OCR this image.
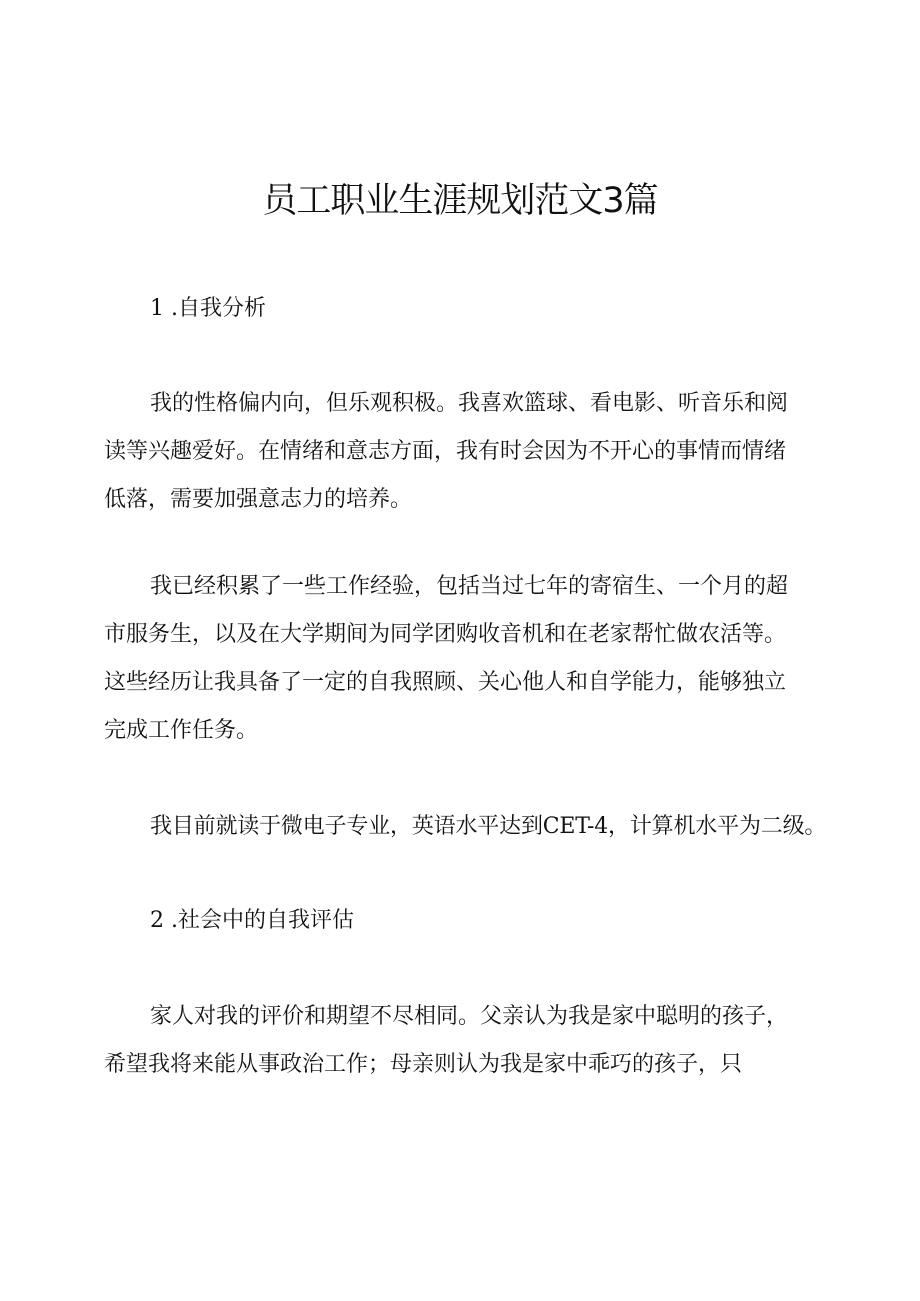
员工职业生涯规划范文3篇
1 .自我分析
我的性格偏内向，但乐观积极。我喜欢篮球、看电影、听音乐和阅
读等兴趣爱好。在情绪和意志方面，我有时会因为不开心的事情而情绪
低落，需要加强意志力的培养。
我已经积累了一些工作经验，包括当过七年的寄宿生、一个月的超
市服务生，以及在大学期间为同学团购收音机和在老家帮忙做农活等。
这些经历让我具备了一定的自我照顾、关心他人和自学能力，能够独立
完成工作任务。
我目前就读于微电子专业，英语水平达到CET-4，计算机水平为二级。
2 .社会中的自我评估
家人对我的评价和期望不尽相同。父亲认为我是家中聪明的孩子，
希望我将来能从事政治工作；母亲则认为我是家中乖巧的孩子，只
